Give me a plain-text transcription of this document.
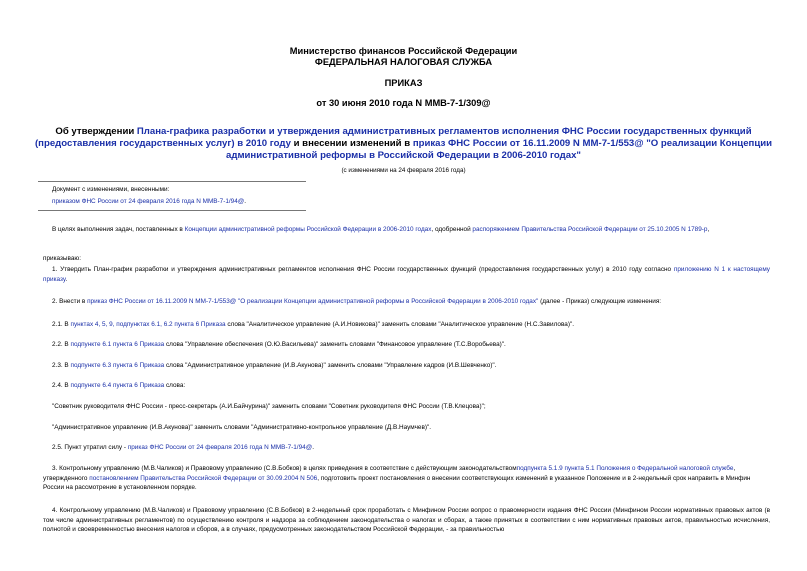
Министерство финансов Российской Федерации
ФЕДЕРАЛЬНАЯ НАЛОГОВАЯ СЛУЖБА
ПРИКАЗ
от 30 июня 2010 года N ММВ-7-1/309@
Об утверждении Плана-графика разработки и утверждения административных регламентов исполнения ФНС России государственных функций (предоставления государственных услуг) в 2010 году и внесении изменений в приказ ФНС России от 16.11.2009 N ММ-7-1/553@ "О реализации Концепции административной реформы в Российской Федерации в 2006-2010 годах"
(с изменениями на 24 февраля 2016 года)
Документ с изменениями, внесенными:
приказом ФНС России от 24 февраля 2016 года N ММВ-7-1/94@.
В целях выполнения задач, поставленных в Концепции административной реформы Российской Федерации в 2006-2010 годах, одобренной распоряжением Правительства Российской Федерации от 25.10.2005 N 1789-р,
приказываю:
1. Утвердить План-график разработки и утверждения административных регламентов исполнения ФНС России государственных функций (предоставления государственных услуг) в 2010 году согласно приложению N 1 к настоящему приказу.
2. Внести в приказ ФНС России от 16.11.2009 N ММ-7-1/553@ "О реализации Концепции административной реформы в Российской Федерации в 2006-2010 годах" (далее - Приказ) следующие изменения:
2.1. В пунктах 4, 5, 9, подпунктах 6.1, 6.2 пункта 6 Приказа слова "Аналитическое управление (А.И.Новикова)" заменить словами "Аналитическое управление (Н.С.Завилова)".
2.2. В подпункте 6.1 пункта 6 Приказа слова "Управление обеспечения (О.Ю.Васильева)" заменить словами "Финансовое управление (Т.С.Воробьева)".
2.3. В подпункте 6.3 пункта 6 Приказа слова "Административное управление (И.В.Акунова)" заменить словами "Управление кадров (И.В.Шевченко)".
2.4. В подпункте 6.4 пункта 6 Приказа слова:
"Советник руководителя ФНС России - пресс-секретарь (А.И.Байчурина)" заменить словами "Советник руководителя ФНС России (Т.В.Клецова)";
"Административное управление (И.В.Акунова)" заменить словами "Административно-контрольное управление (Д.В.Наумчев)".
2.5. Пункт утратил силу - приказ ФНС России от 24 февраля 2016 года N ММВ-7-1/94@.
3. Контрольному управлению (М.В.Чаликов) и Правовому управлению (С.В.Бобков) в целях приведения в соответствие с действующим законодательствомподпункта 5.1.9 пункта 5.1 Положения о Федеральной налоговой службе, утвержденного постановлением Правительства Российской Федерации от 30.09.2004 N 506, подготовить проект постановления о внесении соответствующих изменений в указанное Положение и в 2-недельный срок направить в Минфин России на рассмотрение в установленном порядке.
4. Контрольному управлению (М.В.Чаликов) и Правовому управлению (С.В.Бобков) в 2-недельный срок проработать с Минфином России вопрос о правомерности издания ФНС России (Минфином России нормативных правовых актов (в том числе административных регламентов) по осуществлению контроля и надзора за соблюдением законодательства о налогах и сборах, а также принятых в соответствии с ним нормативных правовых актов, правильностью исчисления, полнотой и своевременностью внесения налогов и сборов, а в случаях, предусмотренных законодательством Российской Федерации, - за правильностью
